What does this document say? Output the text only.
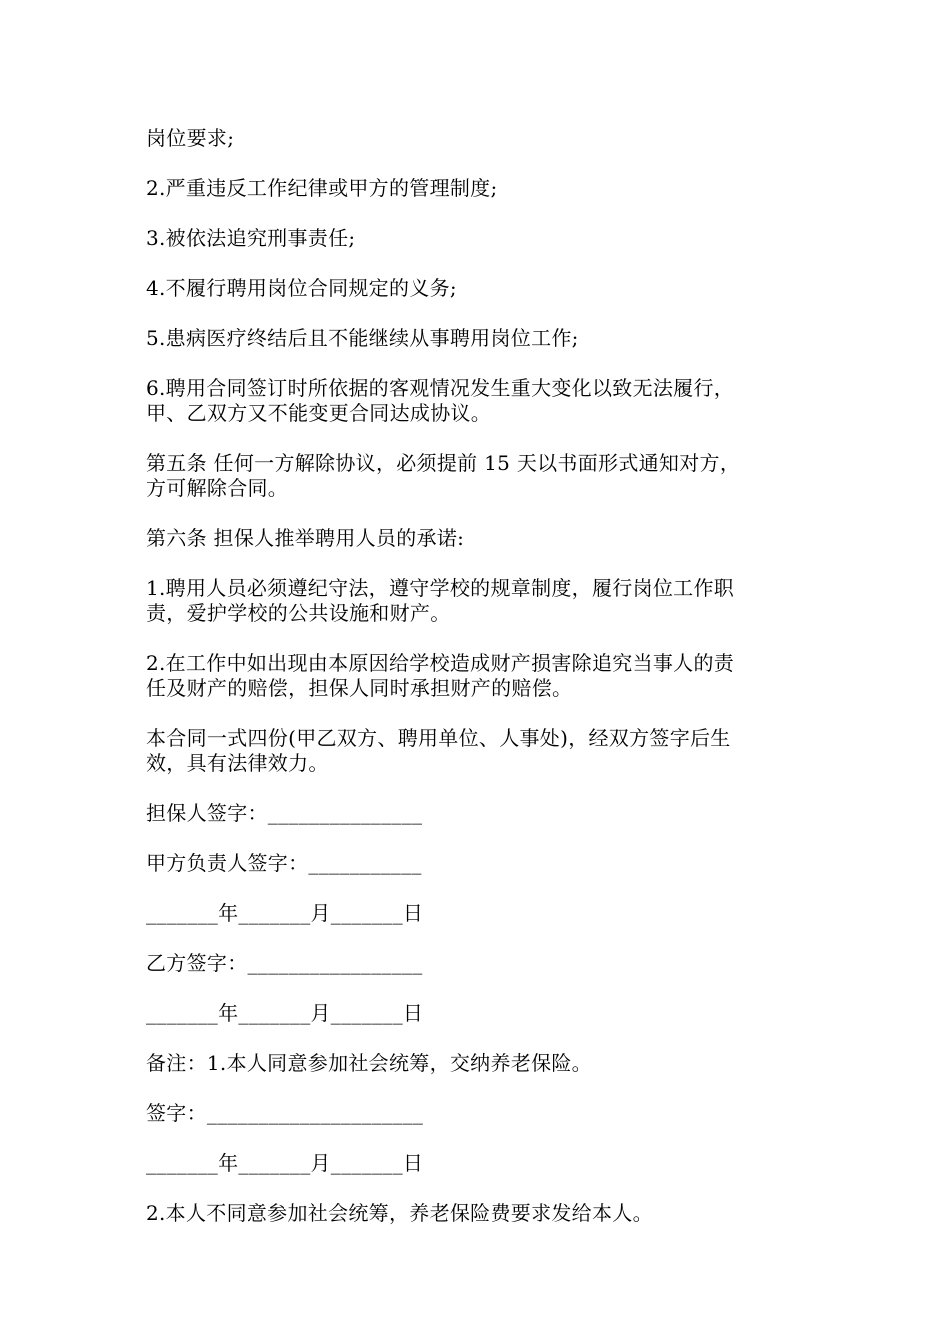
岗位要求;
2.严重违反工作纪律或甲方的管理制度;
3.被依法追究刑事责任;
4.不履行聘用岗位合同规定的义务;
5.患病医疗终结后且不能继续从事聘用岗位工作;
6.聘用合同签订时所依据的客观情况发生重大变化以致无法履行，
甲、乙双方又不能变更合同达成协议。
第五条 任何一方解除协议，必须提前 15 天以书面形式通知对方，
方可解除合同。
第六条 担保人推举聘用人员的承诺:
1.聘用人员必须遵纪守法，遵守学校的规章制度，履行岗位工作职
责，爱护学校的公共设施和财产。
2.在工作中如出现由本原因给学校造成财产损害除追究当事人的责
任及财产的赔偿，担保人同时承担财产的赔偿。
本合同一式四份(甲乙双方、聘用单位、人事处)，经双方签字后生
效，具有法律效力。
担保人签字：_______________
甲方负责人签字：___________
_______年_______月_______日
乙方签字：_________________
_______年_______月_______日
备注：1.本人同意参加社会统筹，交纳养老保险。
签字：_____________________
_______年_______月_______日
2.本人不同意参加社会统筹，养老保险费要求发给本人。
